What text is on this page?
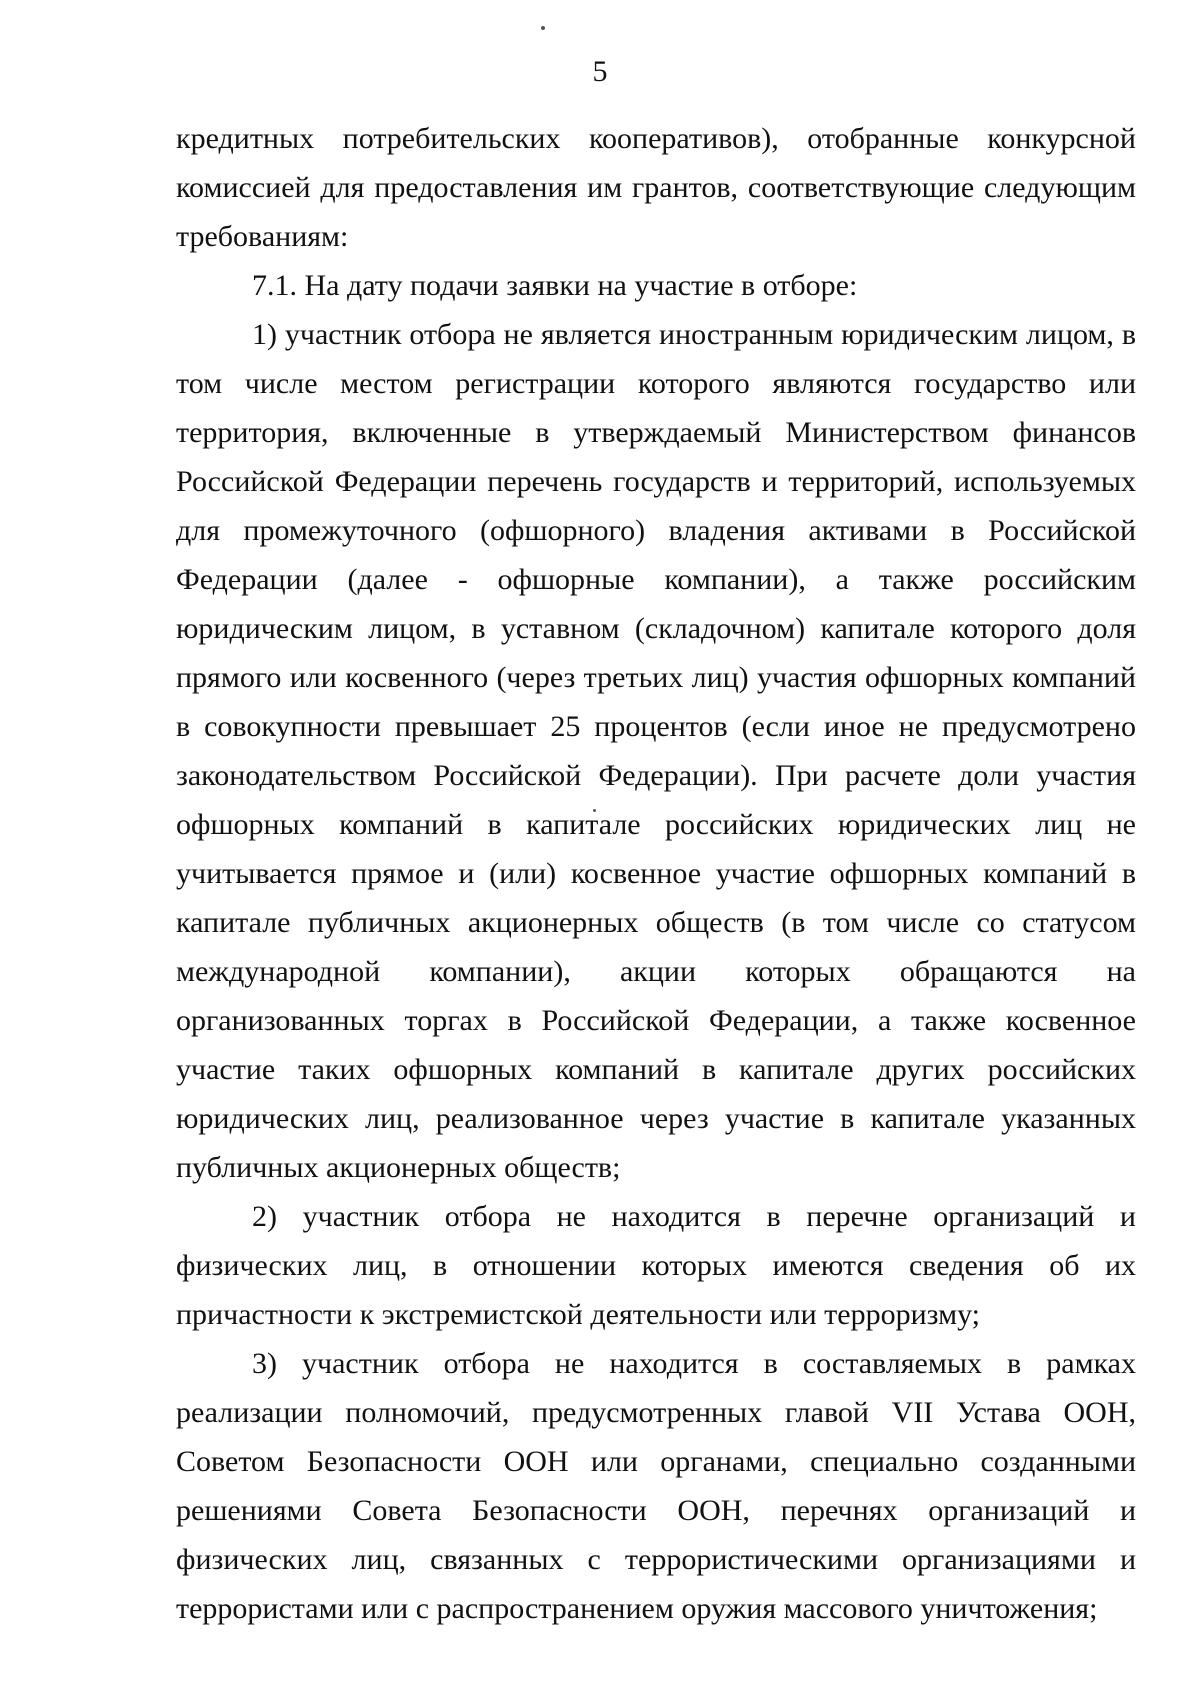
5

кредитных потребительских кооперативов), отобранные конкурсной комиссией для предоставления им грантов, соответствующие следующим требованиям:

7.1. На дату подачи заявки на участие в отборе:

1) участник отбора не является иностранным юридическим лицом, в том числе местом регистрации которого являются государство или территория, включенные в утверждаемый Министерством финансов Российской Федерации перечень государств и территорий, используемых для промежуточного (офшорного) владения активами в Российской Федерации (далее - офшорные компании), а также российским юридическим лицом, в уставном (складочном) капитале которого доля прямого или косвенного (через третьих лиц) участия офшорных компаний в совокупности превышает 25 процентов (если иное не предусмотрено законодательством Российской Федерации). При расчете доли участия офшорных компаний в капитале российских юридических лиц не учитывается прямое и (или) косвенное участие офшорных компаний в капитале публичных акционерных обществ (в том числе со статусом международной компании), акции которых обращаются на организованных торгах в Российской Федерации, а также косвенное участие таких офшорных компаний в капитале других российских юридических лиц, реализованное через участие в капитале указанных публичных акционерных обществ;

2) участник отбора не находится в перечне организаций и физических лиц, в отношении которых имеются сведения об их причастности к экстремистской деятельности или терроризму;

3) участник отбора не находится в составляемых в рамках реализации полномочий, предусмотренных главой VII Устава ООН, Советом Безопасности ООН или органами, специально созданными решениями Совета Безопасности ООН, перечнях организаций и физических лиц, связанных с террористическими организациями и террористами или с распространением оружия массового уничтожения;
